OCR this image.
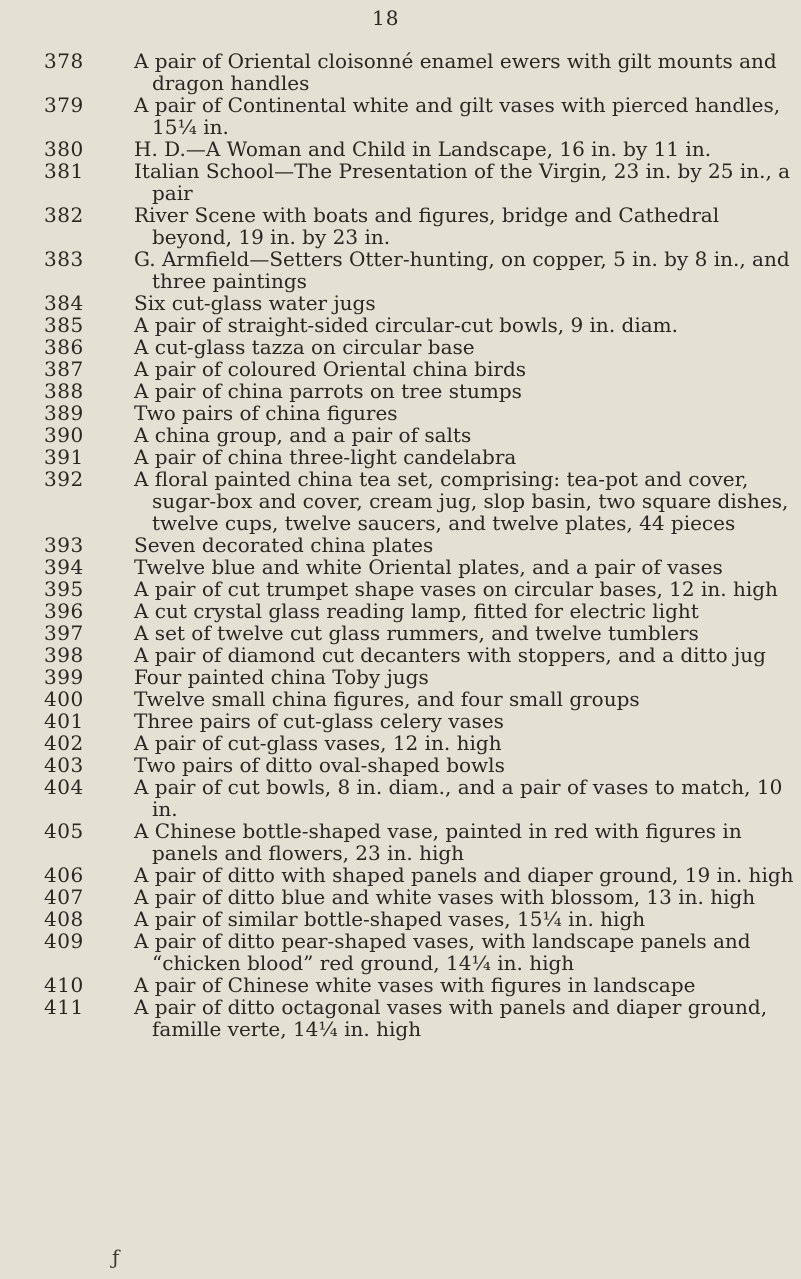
18
378	A pair of Oriental cloisonné enamel ewers with gilt mounts and dragon handles
379	A pair of Continental white and gilt vases with pierced handles, 15¼ in.
380	H. D.—A Woman and Child in Landscape, 16 in. by 11 in.
381	Italian School—The Presentation of the Virgin, 23 in. by 25 in., a pair
382	River Scene with boats and figures, bridge and Cathedral beyond, 19 in. by 23 in.
383	G. Armfield—Setters Otter-hunting, on copper, 5 in. by 8 in., and three paintings
384	Six cut-glass water jugs
385	A pair of straight-sided circular-cut bowls, 9 in. diam.
386	A cut-glass tazza on circular base
387	A pair of coloured Oriental china birds
388	A pair of china parrots on tree stumps
389	Two pairs of china figures
390	A china group, and a pair of salts
391	A pair of china three-light candelabra
392	A floral painted china tea set, comprising: tea-pot and cover, sugar-box and cover, cream jug, slop basin, two square dishes, twelve cups, twelve saucers, and twelve plates, 44 pieces
393	Seven decorated china plates
394	Twelve blue and white Oriental plates, and a pair of vases
395	A pair of cut trumpet shape vases on circular bases, 12 in. high
396	A cut crystal glass reading lamp, fitted for electric light
397	A set of twelve cut glass rummers, and twelve tumblers
398	A pair of diamond cut decanters with stoppers, and a ditto jug
399	Four painted china Toby jugs
400	Twelve small china figures, and four small groups
401	Three pairs of cut-glass celery vases
402	A pair of cut-glass vases, 12 in. high
403	Two pairs of ditto oval-shaped bowls
404	A pair of cut bowls, 8 in. diam., and a pair of vases to match, 10 in.
405	A Chinese bottle-shaped vase, painted in red with figures in panels and flowers, 23 in. high
406	A pair of ditto with shaped panels and diaper ground, 19 in. high
407	A pair of ditto blue and white vases with blossom, 13 in. high
408	A pair of similar bottle-shaped vases, 15¼ in. high
409	A pair of ditto pear-shaped vases, with landscape panels and “chicken blood” red ground, 14¼ in. high
410	A pair of Chinese white vases with figures in landscape
411	A pair of ditto octagonal vases with panels and diaper ground, famille verte, 14¼ in. high
ƒ
